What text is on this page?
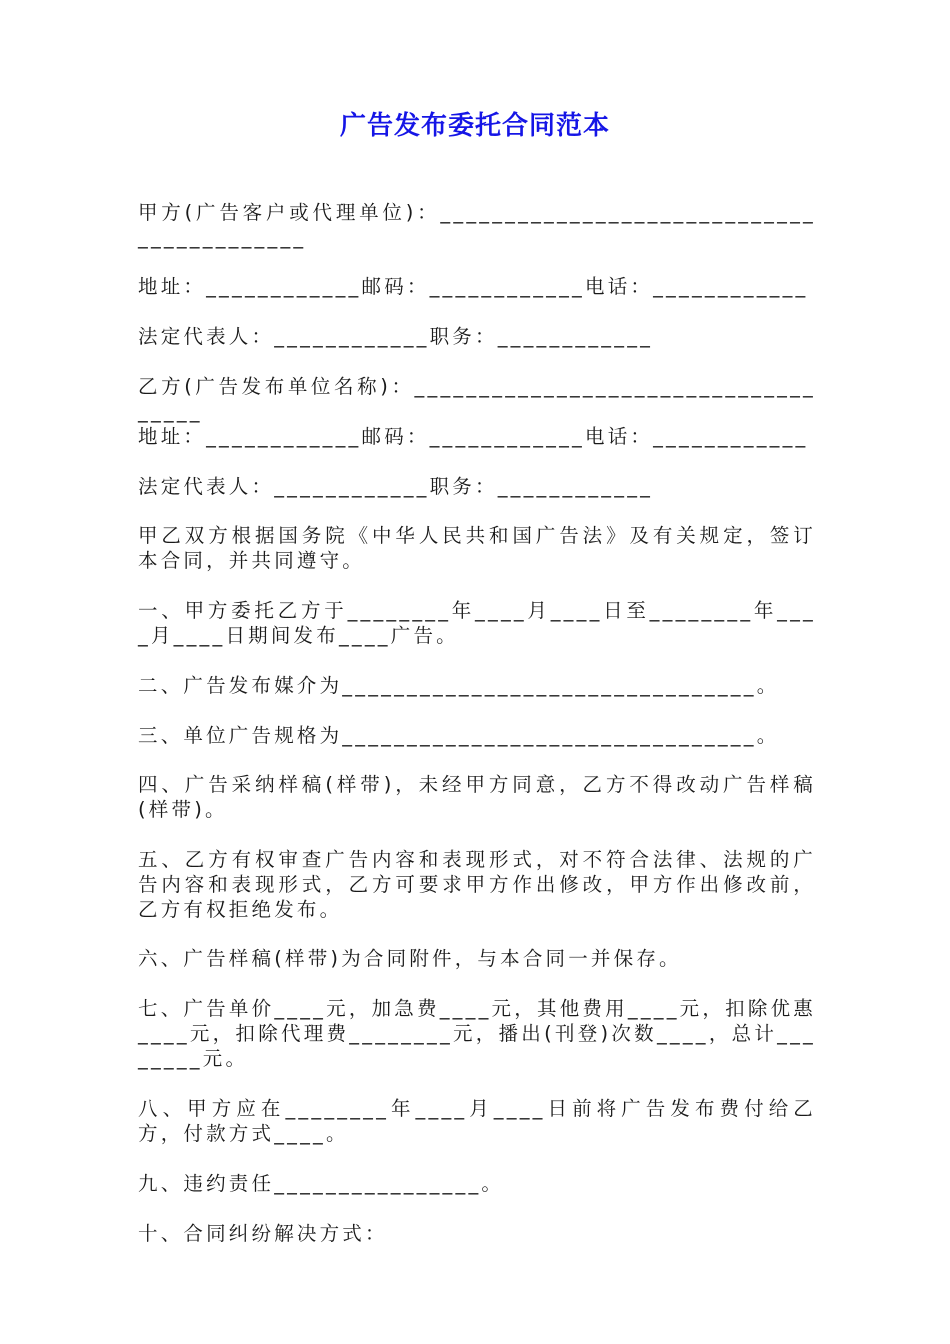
广告发布委托合同范本
甲方(广告客户或代理单位)：__________________________________________
地址：____________邮码：____________电话：____________
法定代表人：____________职务：____________
乙方(广告发布单位名称)：____________________________________
地址：____________邮码：____________电话：____________
法定代表人：____________职务：____________
甲乙双方根据国务院《中华人民共和国广告法》及有关规定，签订本合同，并共同遵守。
一、甲方委托乙方于________年____月____日至________年____月____日期间发布____广告。
二、广告发布媒介为________________________________。
三、单位广告规格为________________________________。
四、广告采纳样稿(样带)，未经甲方同意，乙方不得改动广告样稿(样带)。
五、乙方有权审查广告内容和表现形式，对不符合法律、法规的广告内容和表现形式，乙方可要求甲方作出修改，甲方作出修改前，乙方有权拒绝发布。
六、广告样稿(样带)为合同附件，与本合同一并保存。
七、广告单价____元，加急费____元，其他费用____元，扣除优惠____元，扣除代理费________元，播出(刊登)次数____，总计________元。
八、甲方应在________年____月____日前将广告发布费付给乙方，付款方式____。
九、违约责任________________。
十、合同纠纷解决方式：
